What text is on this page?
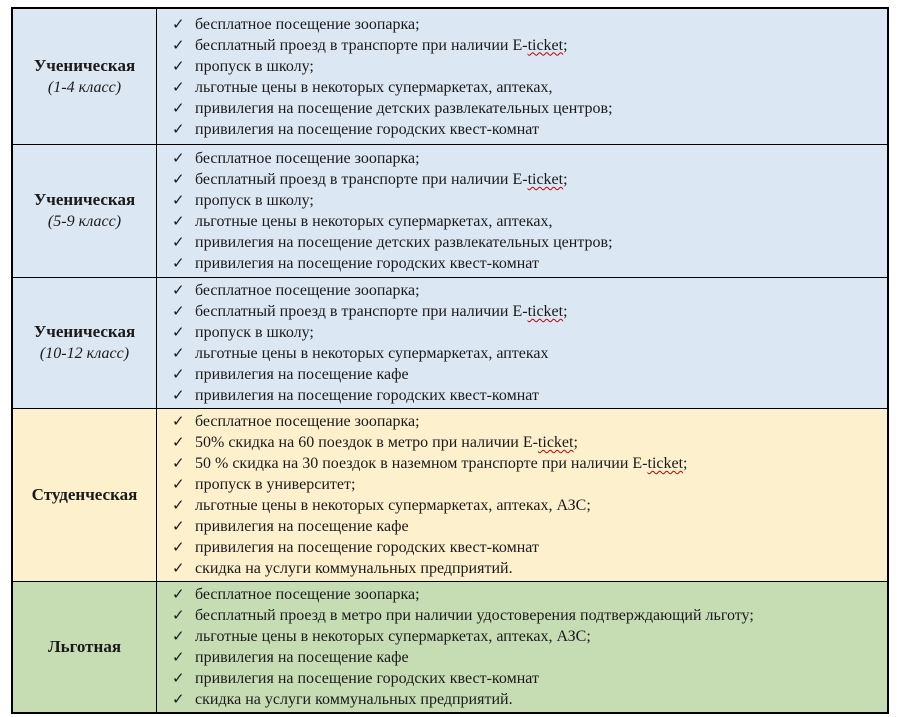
Ученическая
(1-4 класс)
✓ бесплатное посещение зоопарка;
✓ бесплатный проезд в транспорте при наличии E-ticket;
✓ пропуск в школу;
✓ льготные цены в некоторых супермаркетах, аптеках,
✓ привилегия на посещение детских развлекательных центров;
✓ привилегия на посещение городских квест-комнат
Ученическая
(5-9 класс)
✓ бесплатное посещение зоопарка;
✓ бесплатный проезд в транспорте при наличии E-ticket;
✓ пропуск в школу;
✓ льготные цены в некоторых супермаркетах, аптеках,
✓ привилегия на посещение детских развлекательных центров;
✓ привилегия на посещение городских квест-комнат
Ученическая
(10-12 класс)
✓ бесплатное посещение зоопарка;
✓ бесплатный проезд в транспорте при наличии E-ticket;
✓ пропуск в школу;
✓ льготные цены в некоторых супермаркетах, аптеках
✓ привилегия на посещение кафе
✓ привилегия на посещение городских квест-комнат
Студенческая
✓ бесплатное посещение зоопарка;
✓ 50% скидка на 60 поездок в метро при наличии E-ticket;
✓ 50 % скидка на 30 поездок в наземном транспорте при наличии E-ticket;
✓ пропуск в университет;
✓ льготные цены в некоторых супермаркетах, аптеках, АЗС;
✓ привилегия на посещение кафе
✓ привилегия на посещение городских квест-комнат
✓ скидка на услуги коммунальных предприятий.
Льготная
✓ бесплатное посещение зоопарка;
✓ бесплатный проезд в метро при наличии удостоверения подтверждающий льготу;
✓ льготные цены в некоторых супермаркетах, аптеках, АЗС;
✓ привилегия на посещение кафе
✓ привилегия на посещение городских квест-комнат
✓ скидка на услуги коммунальных предприятий.
